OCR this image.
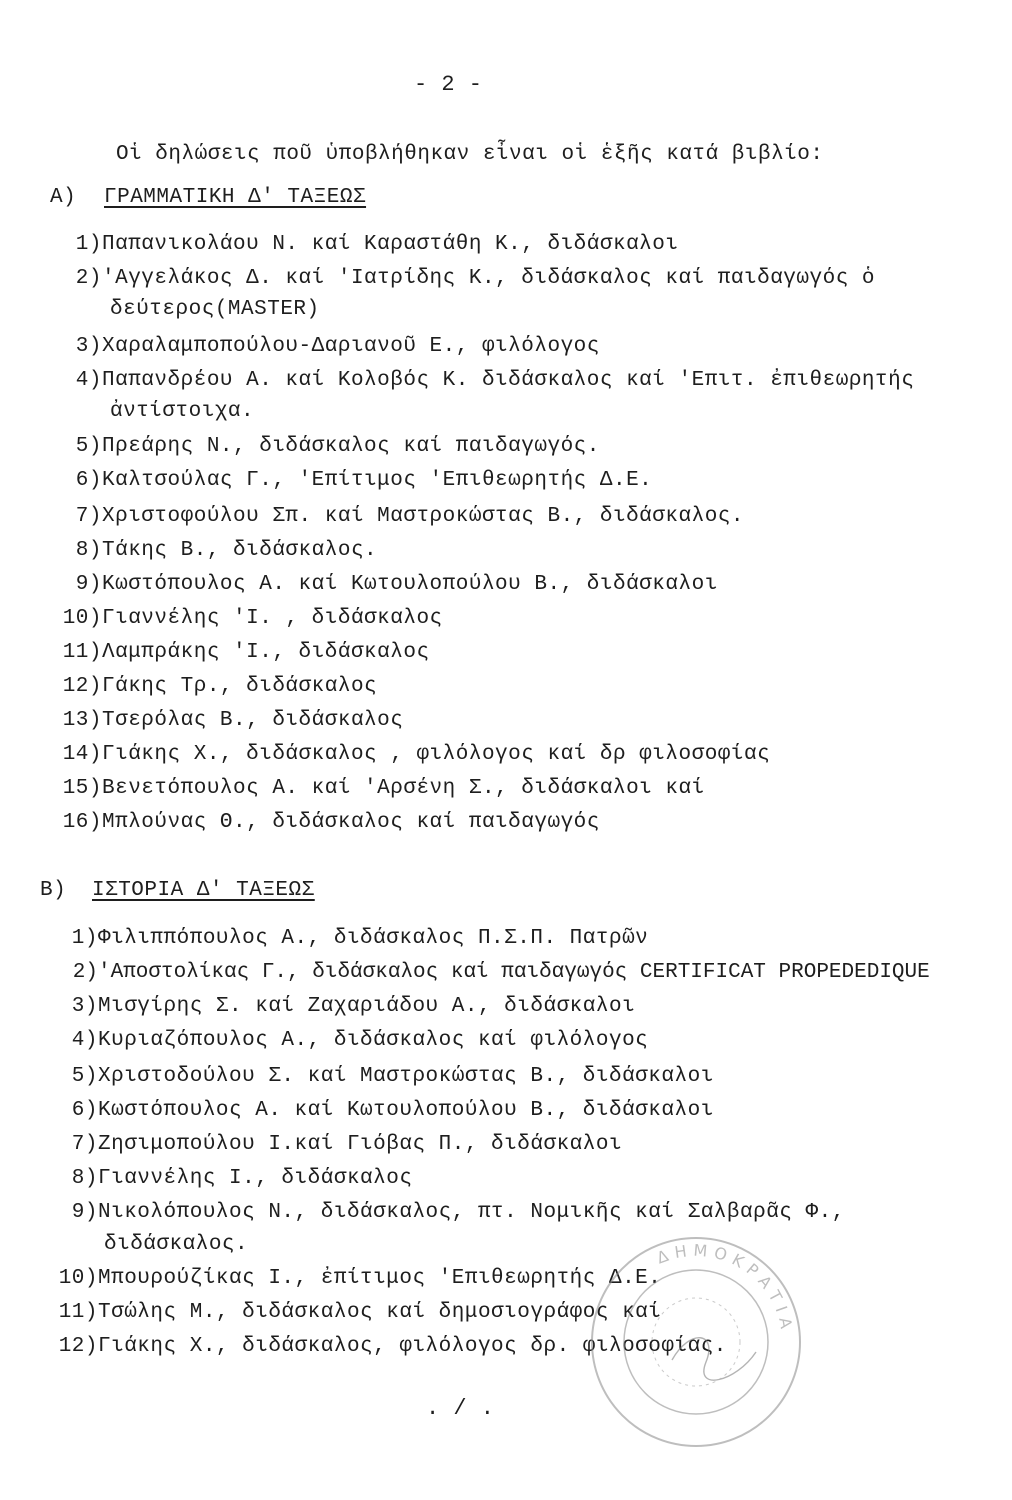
- 2 -
Οἱ δηλώσεις ποῦ ὑποβλήθηκαν εἶναι οἱ ἑξῆς κατά βιβλίο:
A) ΓΡΑΜΜΑΤΙΚΗ Δ' ΤΑΞΕΩΣ
1)Παπανικολάου Ν. καί Καραστάθη Κ., διδάσκαλοι
2)'Αγγελάκος Δ. καί 'Ιατρίδης Κ., διδάσκαλος καί παιδαγωγός ὁ
δεύτερος(MASTER)
3)Χαραλαμποπούλου-Δαριανοῦ Ε., φιλόλογος
4)Παπανδρέου Α. καί Κολοβός Κ. διδάσκαλος καί 'Επιτ. ἐπιθεωρητής
ἀντίστοιχα.
5)Πρεάρης Ν., διδάσκαλος καί παιδαγωγός.
6)Καλτσούλας Γ., 'Επίτιμος 'Επιθεωρητής Δ.Ε.
7)Χριστοφούλου Σπ. καί Μαστροκώστας Β., διδάσκαλος.
8)Τάκης Β., διδάσκαλος.
9)Κωστόπουλος Α. καί Κωτουλοπούλου Β., διδάσκαλοι
10)Γιαννέλης 'Ι. , διδάσκαλος
11)Λαμπράκης 'Ι., διδάσκαλος
12)Γάκης Τρ., διδάσκαλος
13)Τσερόλας Β., διδάσκαλος
14)Γιάκης Χ., διδάσκαλος , φιλόλογος καί δρ φιλοσοφίας
15)Βενετόπουλος Α. καί 'Αρσένη Σ., διδάσκαλοι καί
16)Μπλούνας Θ., διδάσκαλος καί παιδαγωγός
B) ΙΣΤΟΡΙΑ Δ' ΤΑΞΕΩΣ
1)Φιλιππόπουλος Α., διδάσκαλος Π.Σ.Π. Πατρῶν
2)'Αποστολίκας Γ., διδάσκαλος καί παιδαγωγός CERTIFICAT PROPEDEDIQUE
3)Μισγίρης Σ. καί Ζαχαριάδου Α., διδάσκαλοι
4)Κυριαζόπουλος Α., διδάσκαλος καί φιλόλογος
5)Χριστοδούλου Σ. καί Μαστροκώστας Β., διδάσκαλοι
6)Κωστόπουλος Α. καί Κωτουλοπούλου Β., διδάσκαλοι
7)Ζησιμοπούλου Ι.καί Γιόβας Π., διδάσκαλοι
8)Γιαννέλης Ι., διδάσκαλος
9)Νικολόπουλος Ν., διδάσκαλος, πτ. Νομικῆς καί Σαλβαρᾶς Φ.,
διδάσκαλος.
10)Μπουρούζίκας Ι., ἐπίτιμος 'Επιθεωρητής Δ.Ε.
11)Τσώλης Μ., διδάσκαλος καί δημοσιογράφος καί
12)Γιάκης Χ., διδάσκαλος, φιλόλογος δρ. φιλοσοφίας.
. / .
ΔΗΜΟΚΡΑΤΙΑ
